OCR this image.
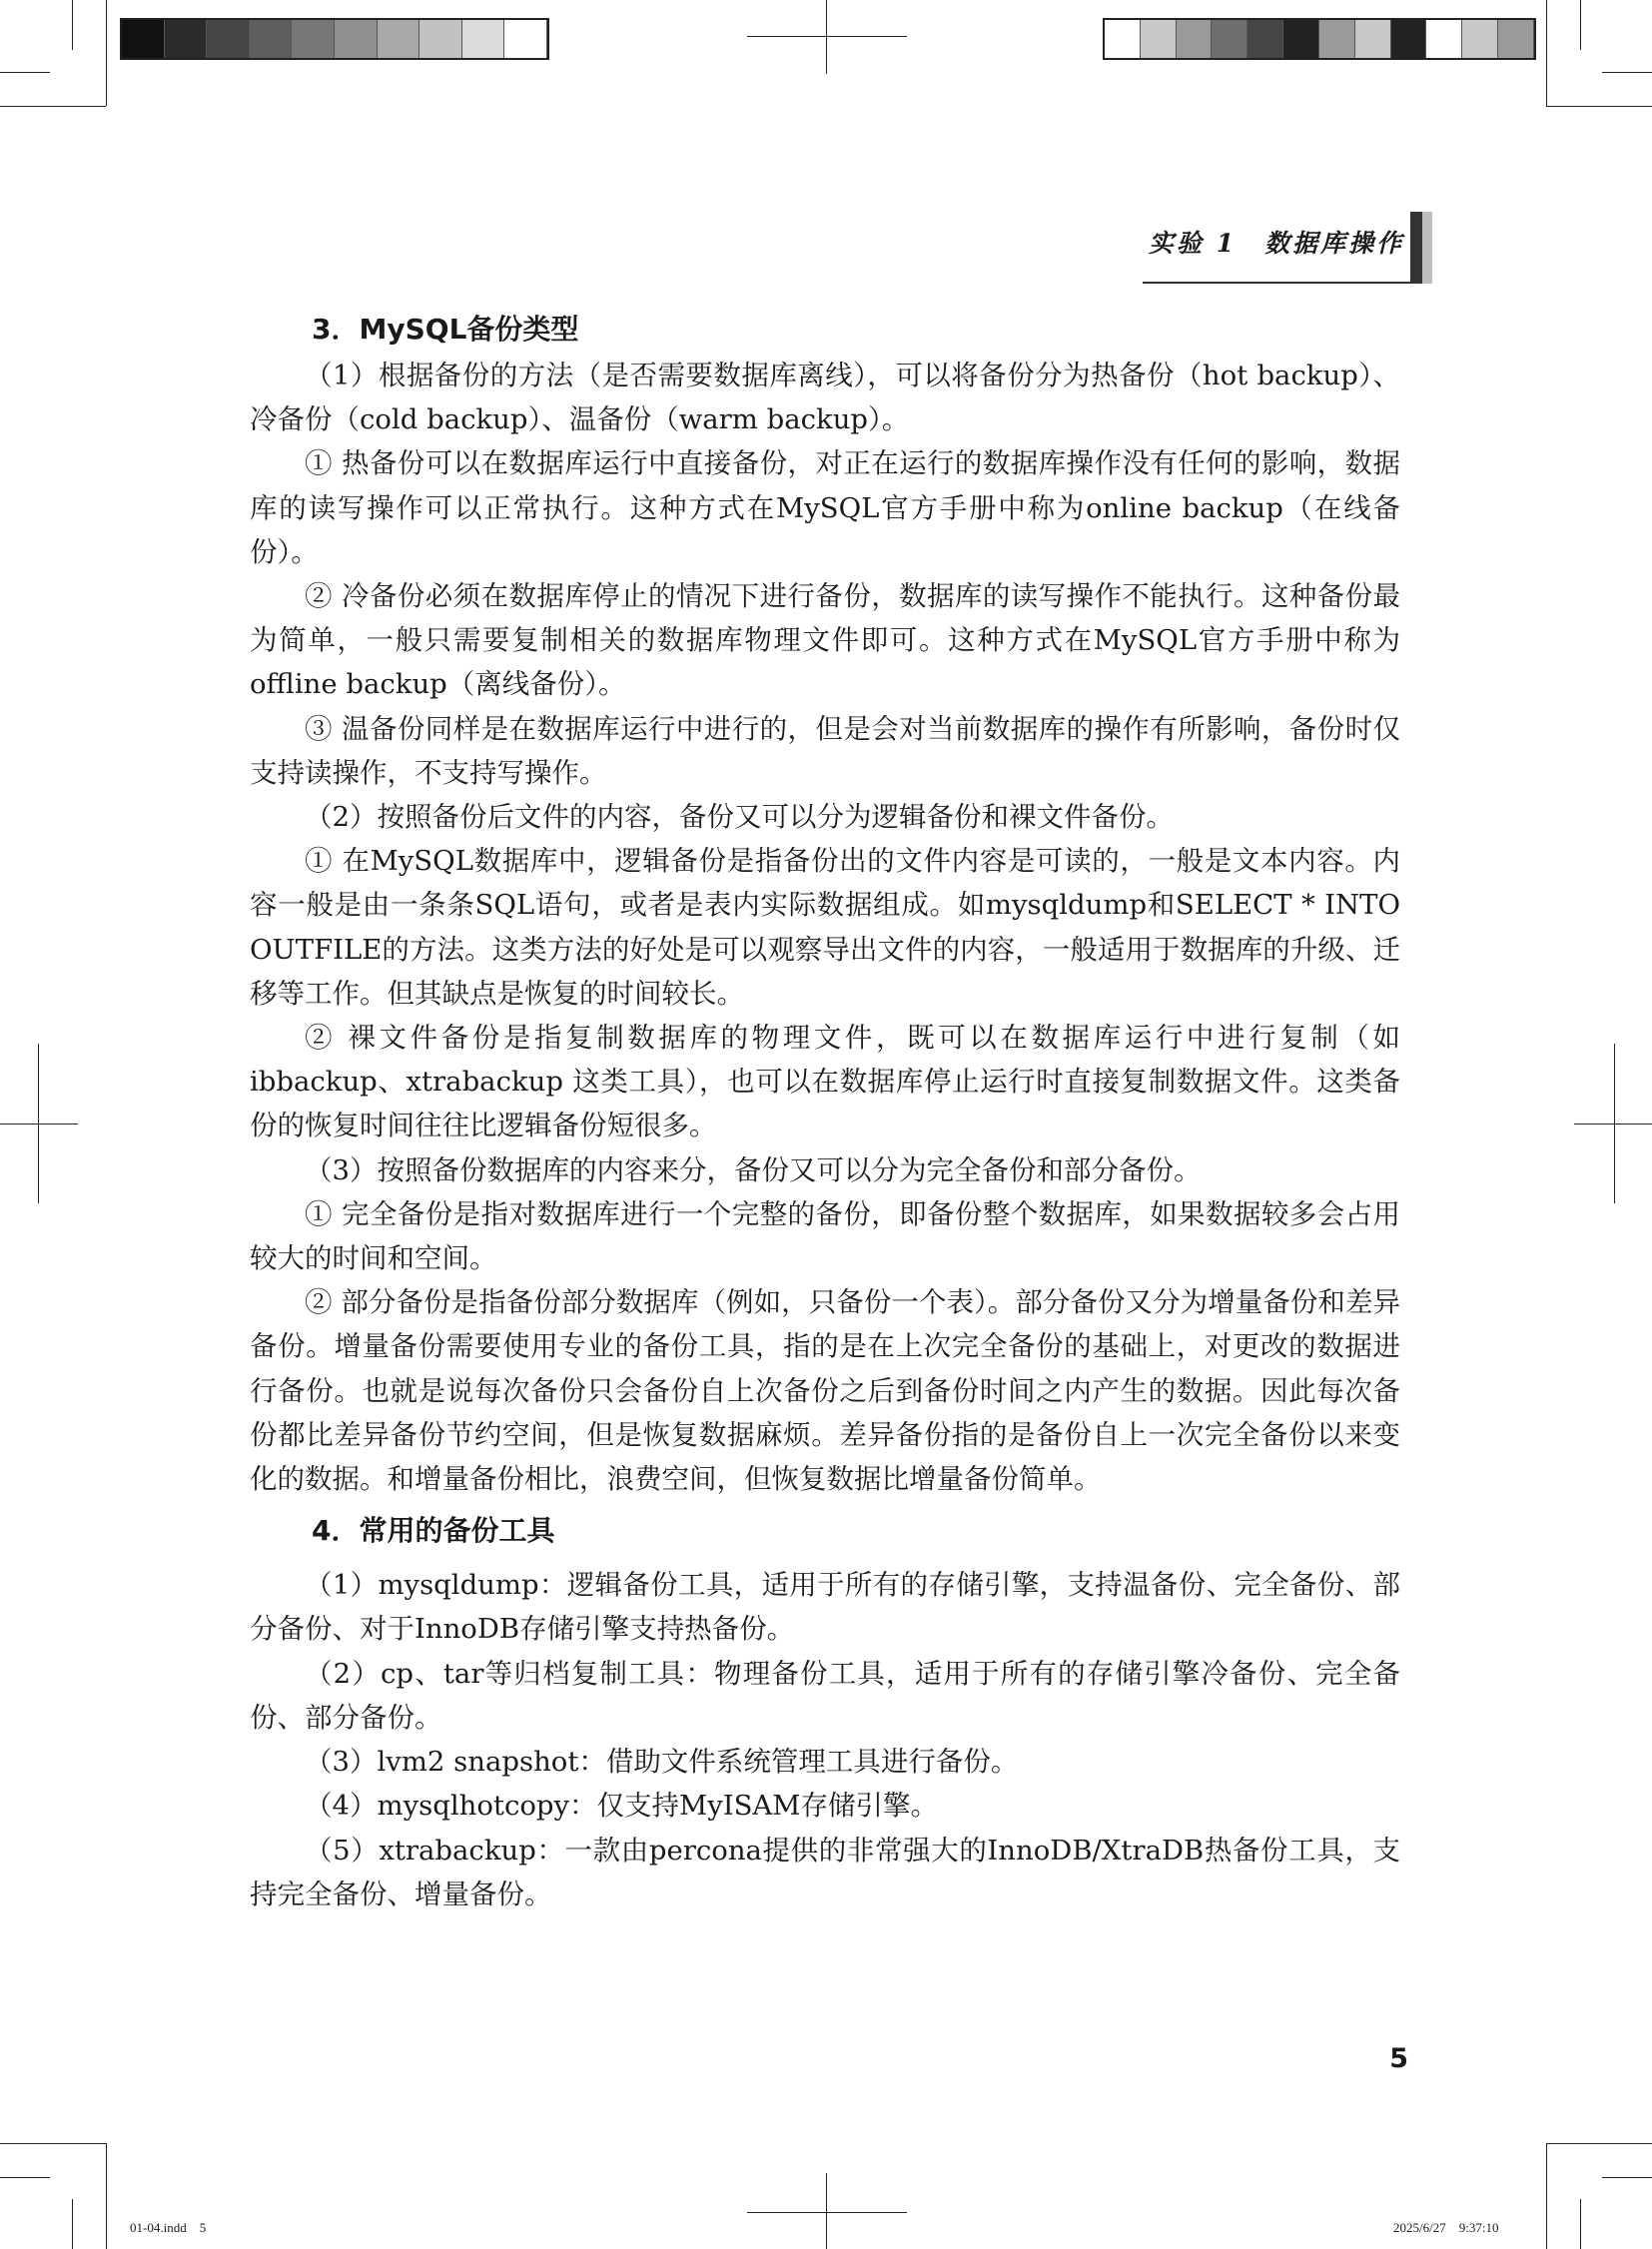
实验 1　数据库操作
3．MySQL备份类型

（1）根据备份的方法（是否需要数据库离线），可以将备份分为热备份（hot backup）、冷备份（cold backup）、温备份（warm backup）。

① 热备份可以在数据库运行中直接备份，对正在运行的数据库操作没有任何的影响，数据库的读写操作可以正常执行。这种方式在MySQL官方手册中称为online backup（在线备份）。

② 冷备份必须在数据库停止的情况下进行备份，数据库的读写操作不能执行。这种备份最为简单，一般只需要复制相关的数据库物理文件即可。这种方式在MySQL官方手册中称为offline backup（离线备份）。

③ 温备份同样是在数据库运行中进行的，但是会对当前数据库的操作有所影响，备份时仅支持读操作，不支持写操作。

（2）按照备份后文件的内容，备份又可以分为逻辑备份和裸文件备份。

① 在MySQL数据库中，逻辑备份是指备份出的文件内容是可读的，一般是文本内容。内容一般是由一条条SQL语句，或者是表内实际数据组成。如mysqldump和SELECT * INTO OUTFILE的方法。这类方法的好处是可以观察导出文件的内容，一般适用于数据库的升级、迁移等工作。但其缺点是恢复的时间较长。

② 裸文件备份是指复制数据库的物理文件，既可以在数据库运行中进行复制（如ibbackup、xtrabackup 这类工具），也可以在数据库停止运行时直接复制数据文件。这类备份的恢复时间往往比逻辑备份短很多。

（3）按照备份数据库的内容来分，备份又可以分为完全备份和部分备份。

① 完全备份是指对数据库进行一个完整的备份，即备份整个数据库，如果数据较多会占用较大的时间和空间。

② 部分备份是指备份部分数据库（例如，只备份一个表）。部分备份又分为增量备份和差异备份。增量备份需要使用专业的备份工具，指的是在上次完全备份的基础上，对更改的数据进行备份。也就是说每次备份只会备份自上次备份之后到备份时间之内产生的数据。因此每次备份都比差异备份节约空间，但是恢复数据麻烦。差异备份指的是备份自上一次完全备份以来变化的数据。和增量备份相比，浪费空间，但恢复数据比增量备份简单。

4．常用的备份工具

（1）mysqldump：逻辑备份工具，适用于所有的存储引擎，支持温备份、完全备份、部分备份、对于InnoDB存储引擎支持热备份。

（2）cp、tar等归档复制工具：物理备份工具，适用于所有的存储引擎冷备份、完全备份、部分备份。

（3）lvm2 snapshot：借助文件系统管理工具进行备份。

（4）mysqlhotcopy：仅支持MyISAM存储引擎。

（5）xtrabackup：一款由percona提供的非常强大的InnoDB/XtraDB热备份工具，支持完全备份、增量备份。

5
01-04.indd　5	2025/6/27　9:37:10
